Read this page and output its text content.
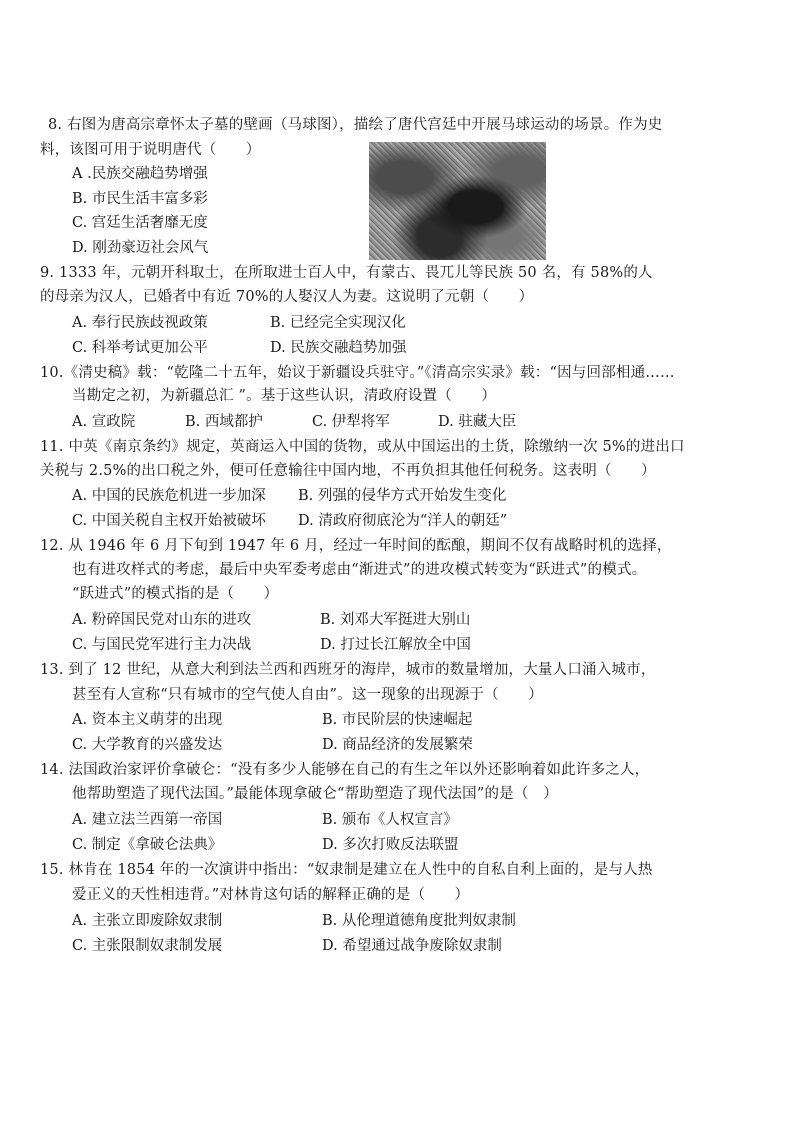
8. 右图为唐高宗章怀太子墓的壁画（马球图），描绘了唐代宫廷中开展马球运动的场景。作为史
料，该图可用于说明唐代（　　）
A .民族交融趋势增强
B. 市民生活丰富多彩
C. 宫廷生活奢靡无度
D. 刚劲豪迈社会风气
9. 1333 年，元朝开科取士，在所取进士百人中，有蒙古、畏兀儿等民族 50 名，有 58%的人
的母亲为汉人，已婚者中有近 70%的人娶汉人为妻。这说明了元朝（　　）
A. 奉行民族歧视政策	B. 已经完全实现汉化
C. 科举考试更加公平	D. 民族交融趋势加强
10.《清史稿》载：“乾隆二十五年，始议于新疆设兵驻守。”《清高宗实录》载：“因与回部相通……
当勘定之初，为新疆总汇 ”。基于这些认识，清政府设置（　　）
A. 宣政院	B. 西域都护	C. 伊犁将军	D. 驻藏大臣
11. 中英《南京条约》规定，英商运入中国的货物，或从中国运出的土货，除缴纳一次 5%的进出口
关税与 2.5%的出口税之外，便可任意输往中国内地，不再负担其他任何税务。这表明（　　）
A. 中国的民族危机进一步加深 B. 列强的侵华方式开始发生变化
C. 中国关税自主权开始被破坏 D. 清政府彻底沦为“洋人的朝廷”
12. 从 1946 年 6 月下旬到 1947 年 6 月，经过一年时间的酝酿，期间不仅有战略时机的选择，
也有进攻样式的考虑，最后中央军委考虑由“渐进式”的进攻模式转变为“跃进式”的模式。
“跃进式”的模式指的是（　　）
A. 粉碎国民党对山东的进攻	B. 刘邓大军挺进大别山
C. 与国民党军进行主力决战	D. 打过长江解放全中国
13. 到了 12 世纪，从意大利到法兰西和西班牙的海岸，城市的数量增加，大量人口涌入城市，
甚至有人宣称“只有城市的空气使人自由”。这一现象的出现源于（　　）
A. 资本主义萌芽的出现	B. 市民阶层的快速崛起
C. 大学教育的兴盛发达	D. 商品经济的发展繁荣
14. 法国政治家评价拿破仑：“没有多少人能够在自己的有生之年以外还影响着如此许多之人，
他帮助塑造了现代法国。”最能体现拿破仑“帮助塑造了现代法国”的是（　）
A. 建立法兰西第一帝国	B. 颁布《人权宣言》
C. 制定《拿破仑法典》	D. 多次打败反法联盟
15. 林肯在 1854 年的一次演讲中指出：“奴隶制是建立在人性中的自私自利上面的，是与人热
爱正义的天性相违背。”对林肯这句话的解释正确的是（　　）
A. 主张立即废除奴隶制	B. 从伦理道德角度批判奴隶制
C. 主张限制奴隶制发展	D. 希望通过战争废除奴隶制
